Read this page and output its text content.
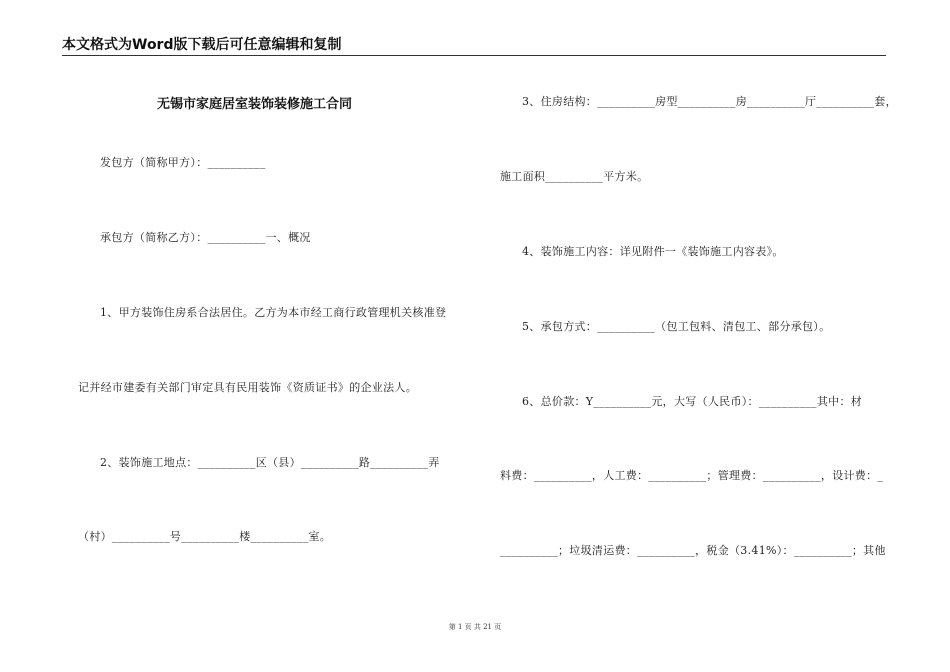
本文格式为Word版下载后可任意编辑和复制
无锡市家庭居室装饰装修施工合同
发包方（简称甲方）：__________
承包方（简称乙方）：__________一、概况
1、甲方装饰住房系合法居住。乙方为本市经工商行政管理机关核准登
记并经市建委有关部门审定具有民用装饰《资质证书》的企业法人。
2、装饰施工地点：__________区（县）__________路__________弄
（村）__________号__________楼__________室。
3、住房结构：__________房型__________房__________厅__________套，
施工面积__________平方米。
4、装饰施工内容：详见附件一《装饰施工内容表》。
5、承包方式：__________（包工包料、清包工、部分承包）。
6、总价款：Y__________元，大写（人民币）：__________其中：材
料费：__________，人工费：__________；管理费：__________，设计费：_
__________；垃圾清运费：__________，税金（3.41%）：__________；其他
第 1 页 共 21 页
